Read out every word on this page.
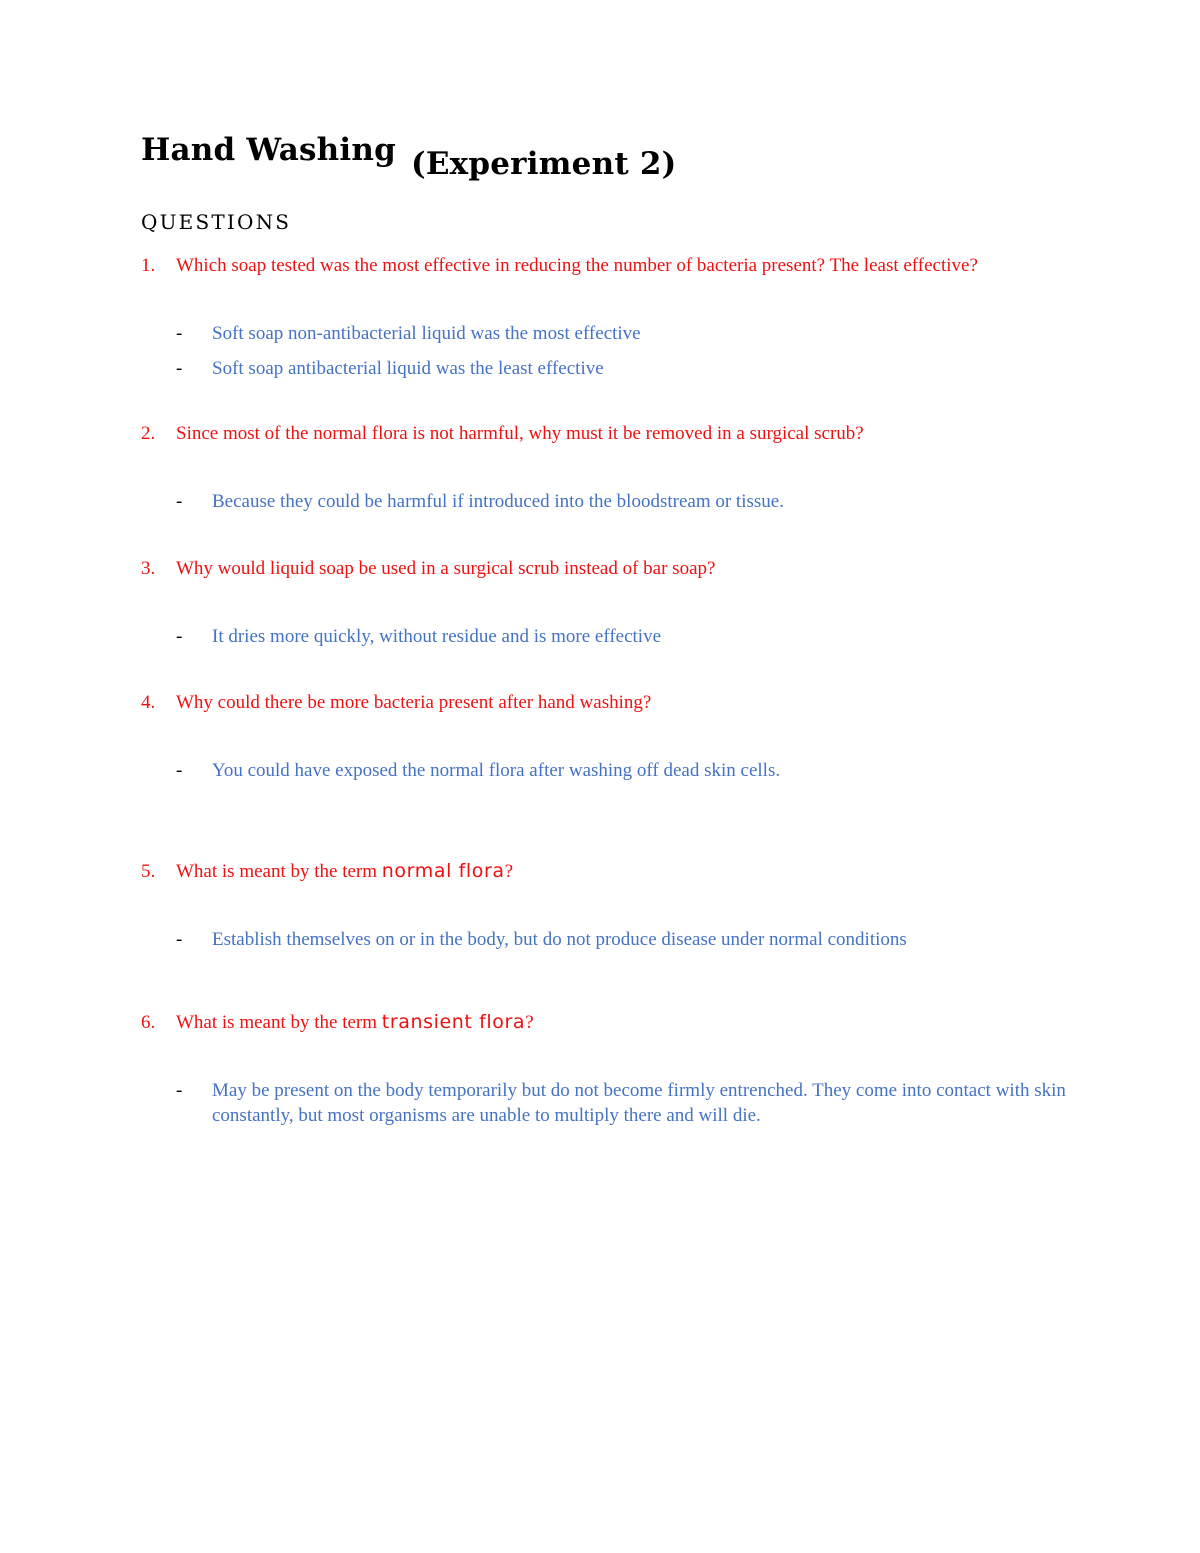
Hand Washing (Experiment 2)
QUESTIONS
1. Which soap tested was the most effective in reducing the number of bacteria present? The least effective?
- Soft soap non-antibacterial liquid was the most effective
- Soft soap antibacterial liquid was the least effective
2. Since most of the normal flora is not harmful, why must it be removed in a surgical scrub?
- Because they could be harmful if introduced into the bloodstream or tissue.
3. Why would liquid soap be used in a surgical scrub instead of bar soap?
- It dries more quickly, without residue and is more effective
4. Why could there be more bacteria present after hand washing?
- You could have exposed the normal flora after washing off dead skin cells.
5. What is meant by the term normal flora?
- Establish themselves on or in the body, but do not produce disease under normal conditions
6. What is meant by the term transient flora?
- May be present on the body temporarily but do not become firmly entrenched. They come into contact with skin constantly, but most organisms are unable to multiply there and will die.
